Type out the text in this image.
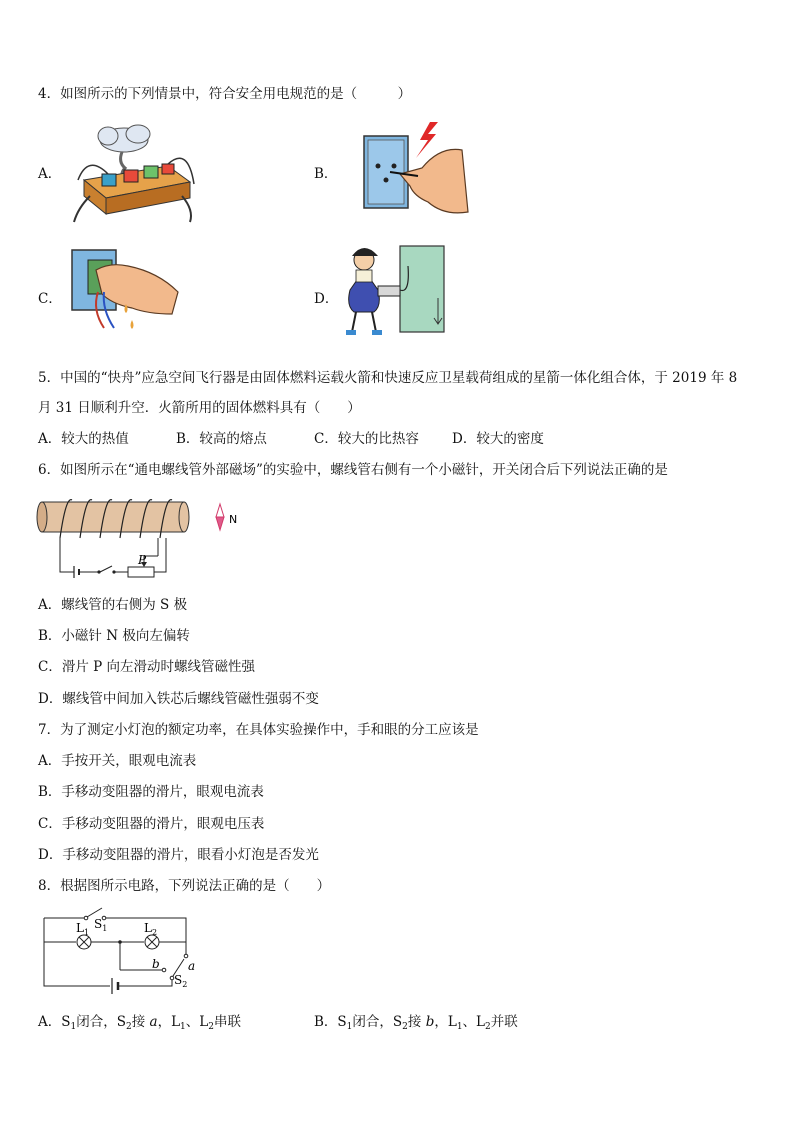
4．如图所示的下列情景中，符合安全用电规范的是（　　　）
A．	B．
C．	D．
5．中国的“快舟”应急空间飞行器是由固体燃料运载火箭和快速反应卫星载荷组成的星箭一体化组合体，于 2019 年 8
月 31 日顺利升空．火箭所用的固体燃料具有（　　）
A．较大的热值	B．较高的熔点	C．较大的比热容 D．较大的密度
6．如图所示在“通电螺线管外部磁场”的实验中，螺线管右侧有一个小磁针，开关闭合后下列说法正确的是
P
N
A．螺线管的右侧为 S 极
B．小磁针 N 极向左偏转
C．滑片 P 向左滑动时螺线管磁性强
D．螺线管中间加入铁芯后螺线管磁性强弱不变
7．为了测定小灯泡的额定功率，在具体实验操作中，手和眼的分工应该是
A．手按开关，眼观电流表
B．手移动变阻器的滑片，眼观电流表
C．手移动变阻器的滑片，眼观电压表
D．手移动变阻器的滑片，眼看小灯泡是否发光
8．根据图所示电路，下列说法正确的是（　　）
$S_1$
$L_1$	$L_2$
a
b
$S_2$
A．$S_1$闭合，$S_2$接 a，$L_1$、$L_2$串联	B．$S_1$闭合，$S_2$接 b，$L_1$、$L_2$并联
